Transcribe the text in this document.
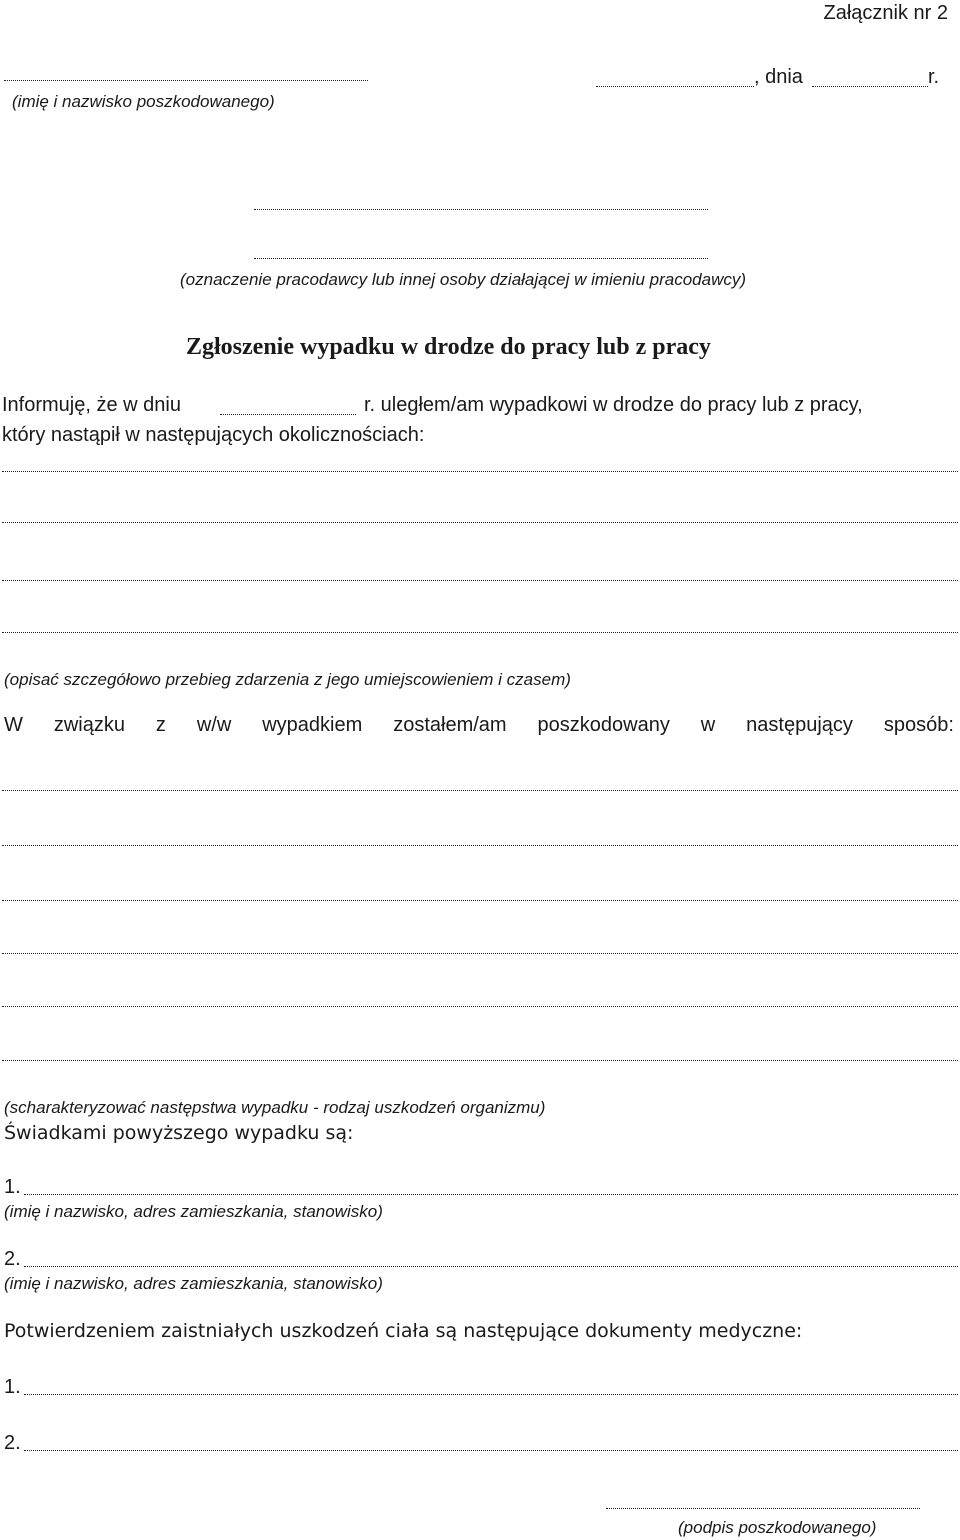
Załącznik nr 2
(imię i nazwisko poszkodowanego)
, dnia	r.
(oznaczenie pracodawcy lub innej osoby działającej w imieniu pracodawcy)
Zgłoszenie wypadku w drodze do pracy lub z pracy
Informuję, że w dniu	r. uległem/am wypadkowi w drodze do pracy lub z pracy,
który nastąpił w następujących okolicznościach:
(opisać szczegółowo przebieg zdarzenia z jego umiejscowieniem i czasem)
W związku z w/w wypadkiem zostałem/am poszkodowany w następujący sposób:
(scharakteryzować następstwa wypadku - rodzaj uszkodzeń organizmu)
Świadkami powyższego wypadku są:
1.
(imię i nazwisko, adres zamieszkania, stanowisko)
2.
(imię i nazwisko, adres zamieszkania, stanowisko)
Potwierdzeniem zaistniałych uszkodzeń ciała są następujące dokumenty medyczne:
1.
2.
(podpis poszkodowanego)
